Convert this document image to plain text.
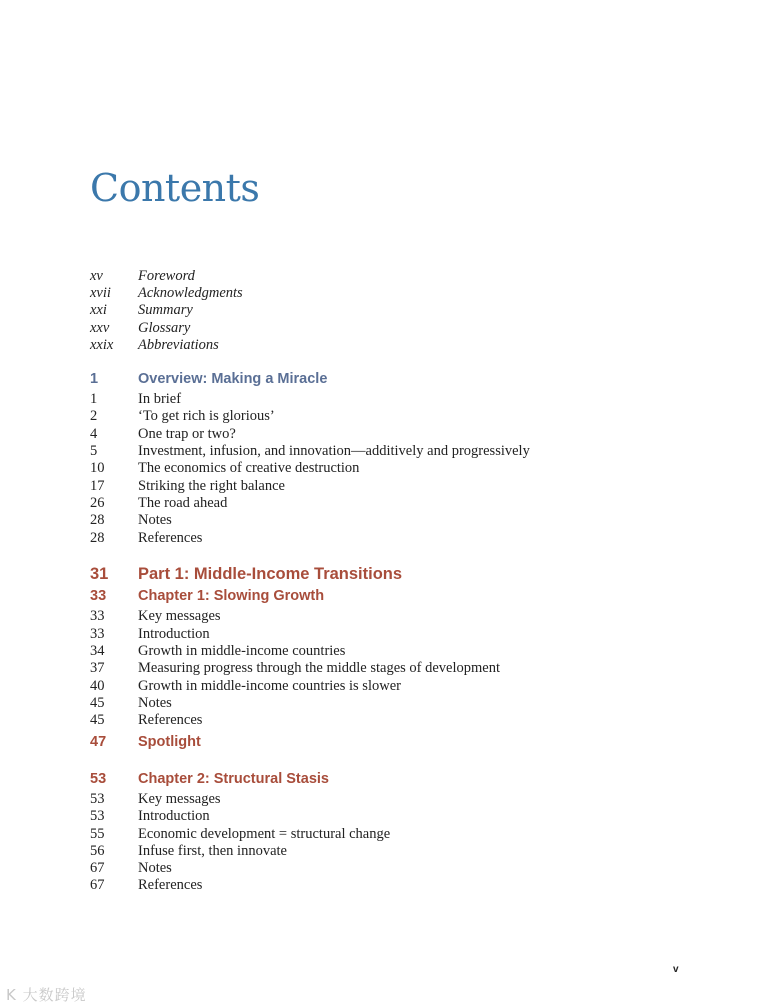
Contents
xv Foreword
xvii Acknowledgments
xxi Summary
xxv Glossary
xxix Abbreviations
1	Overview: Making a Miracle
1	In brief
2	‘To get rich is glorious’
4	One trap or two?
5	Investment, infusion, and innovation—additively and progressively
10 The economics of creative destruction
17 Striking the right balance
26 The road ahead
28 Notes
28 References
31 Part 1: Middle-Income Transitions
33 Chapter 1: Slowing Growth
33 Key messages
33 Introduction
34 Growth in middle-income countries
37 Measuring progress through the middle stages of development
40 Growth in middle-income countries is slower
45 Notes
45 References
47 Spotlight
53 Chapter 2: Structural Stasis
53 Key messages
53 Introduction
55 Economic development = structural change
56 Infuse first, then innovate
67 Notes
67 References
v
K 大数跨境
